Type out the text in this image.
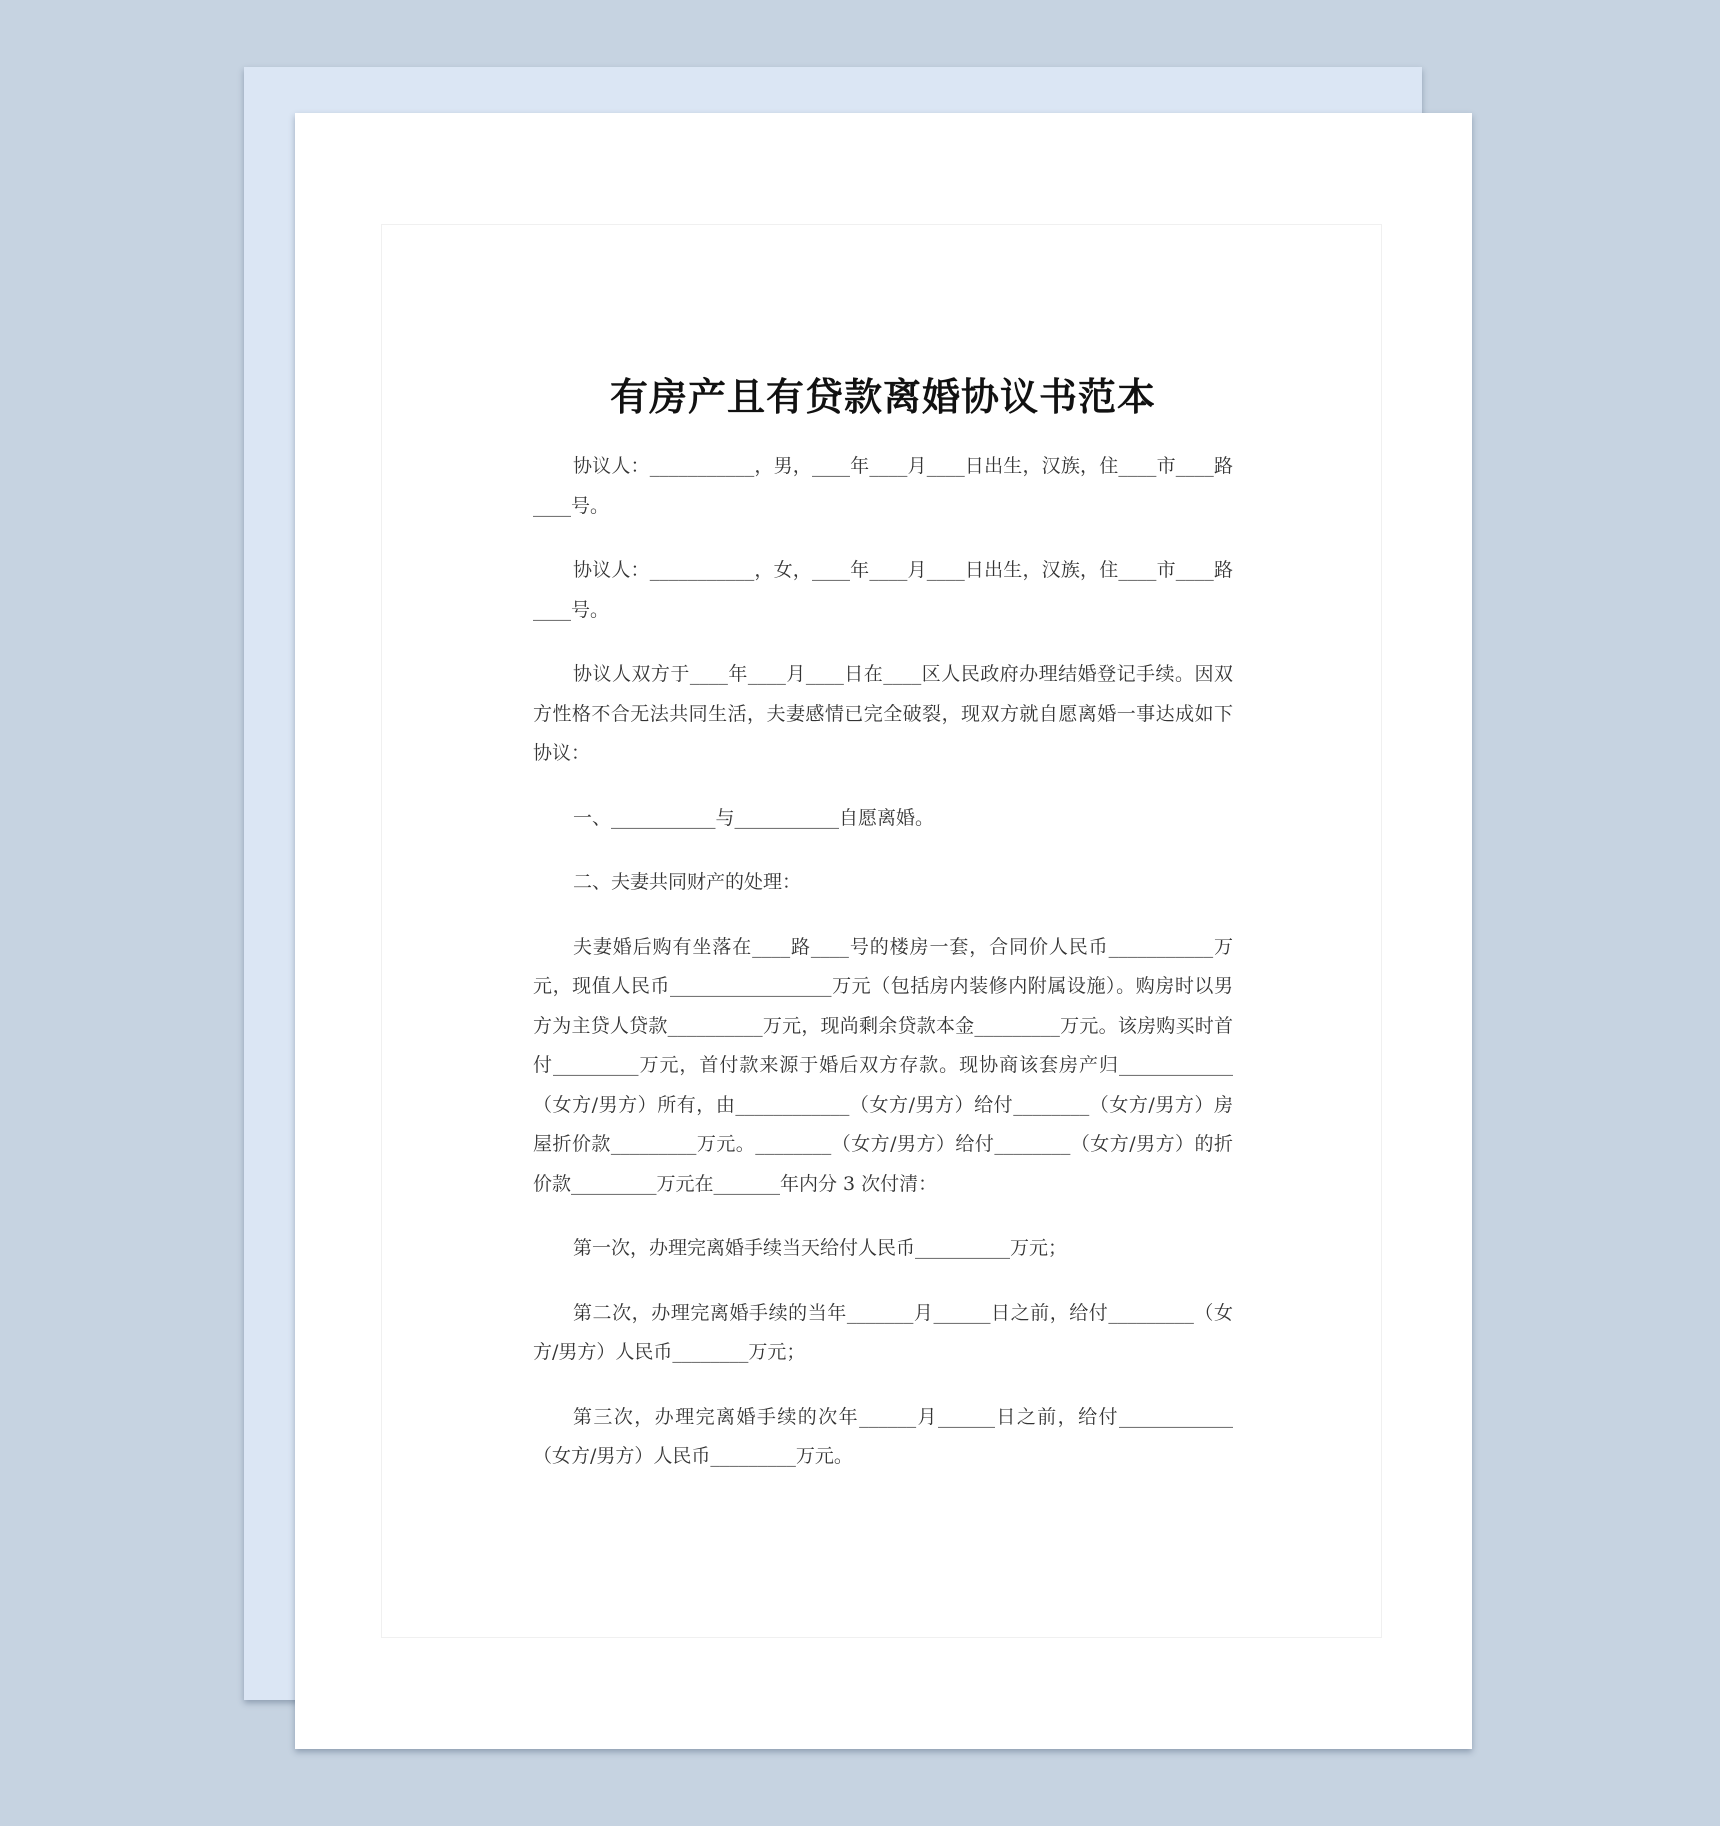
有房产且有贷款离婚协议书范本

协议人：___________，男，____年____月____日出生，汉族，住____市____路____号。

协议人：___________，女，____年____月____日出生，汉族，住____市____路____号。

协议人双方于____年____月____日在____区人民政府办理结婚登记手续。因双方性格不合无法共同生活，夫妻感情已完全破裂，现双方就自愿离婚一事达成如下协议：

一、___________与___________自愿离婚。

二、夫妻共同财产的处理：

夫妻婚后购有坐落在____路____号的楼房一套，合同价人民币___________万元，现值人民币_________________万元（包括房内装修内附属设施）。购房时以男方为主贷人贷款__________万元，现尚剩余贷款本金_________万元。该房购买时首付_________万元，首付款来源于婚后双方存款。现协商该套房产归____________（女方/男方）所有，由____________（女方/男方）给付________（女方/男方）房屋折价款_________万元。________（女方/男方）给付________（女方/男方）的折价款_________万元在_______年内分 3 次付清：

第一次，办理完离婚手续当天给付人民币__________万元；

第二次，办理完离婚手续的当年_______月______日之前，给付_________（女方/男方）人民币________万元；

第三次，办理完离婚手续的次年______月______日之前，给付____________（女方/男方）人民币_________万元。
